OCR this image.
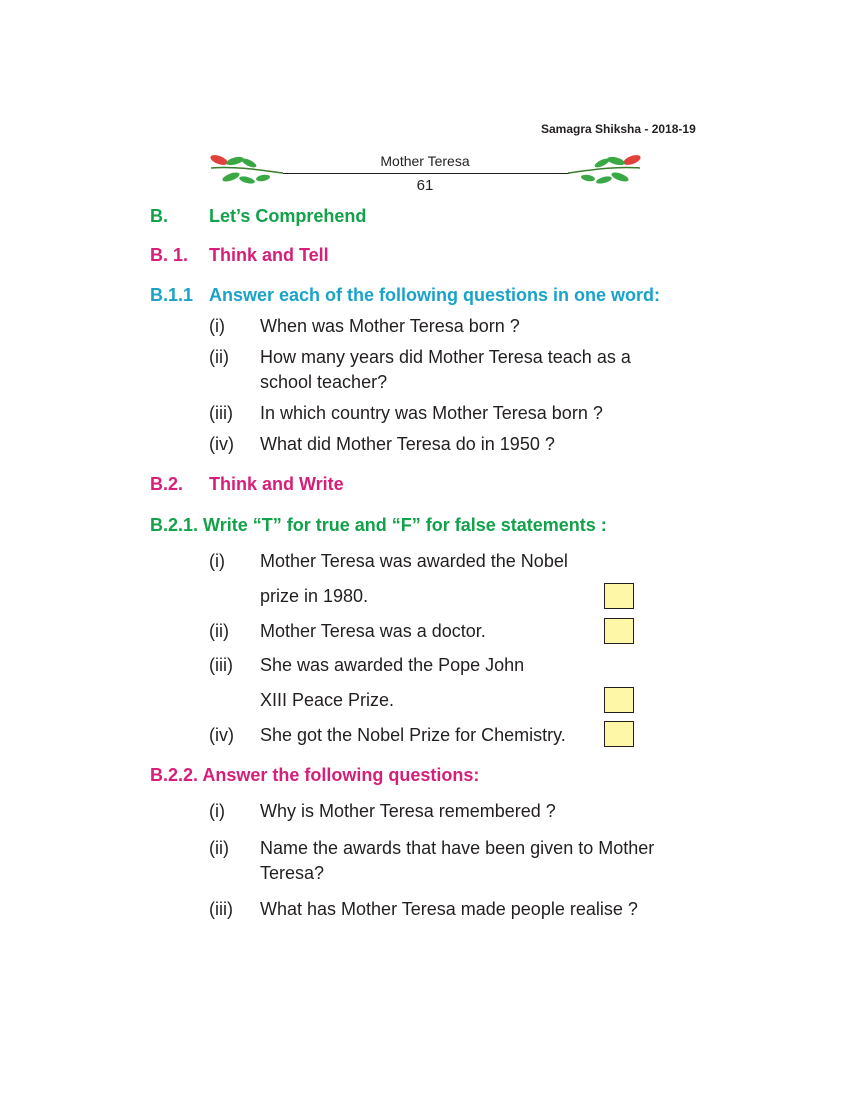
Samagra Shiksha - 2018-19
Mother Teresa
61
B. Let’s Comprehend
B. 1. Think and Tell
B.1.1 Answer each of the following questions in one word:
(i) When was Mother Teresa born ?
(ii) How many years did Mother Teresa teach as a
school teacher?
(iii) In which country was Mother Teresa born ?
(iv) What did Mother Teresa do in 1950 ?
B.2. Think and Write
B.2.1. Write “T” for true and “F” for false statements :
(i) Mother Teresa was awarded the Nobel
prize in 1980.
(ii) Mother Teresa was a doctor.
(iii) She was awarded the Pope John
XIII Peace Prize.
(iv) She got the Nobel Prize for Chemistry.
B.2.2. Answer the following questions:
(i) Why is Mother Teresa remembered ?
(ii) Name the awards that have been given to Mother
Teresa?
(iii) What has Mother Teresa made people realise ?
